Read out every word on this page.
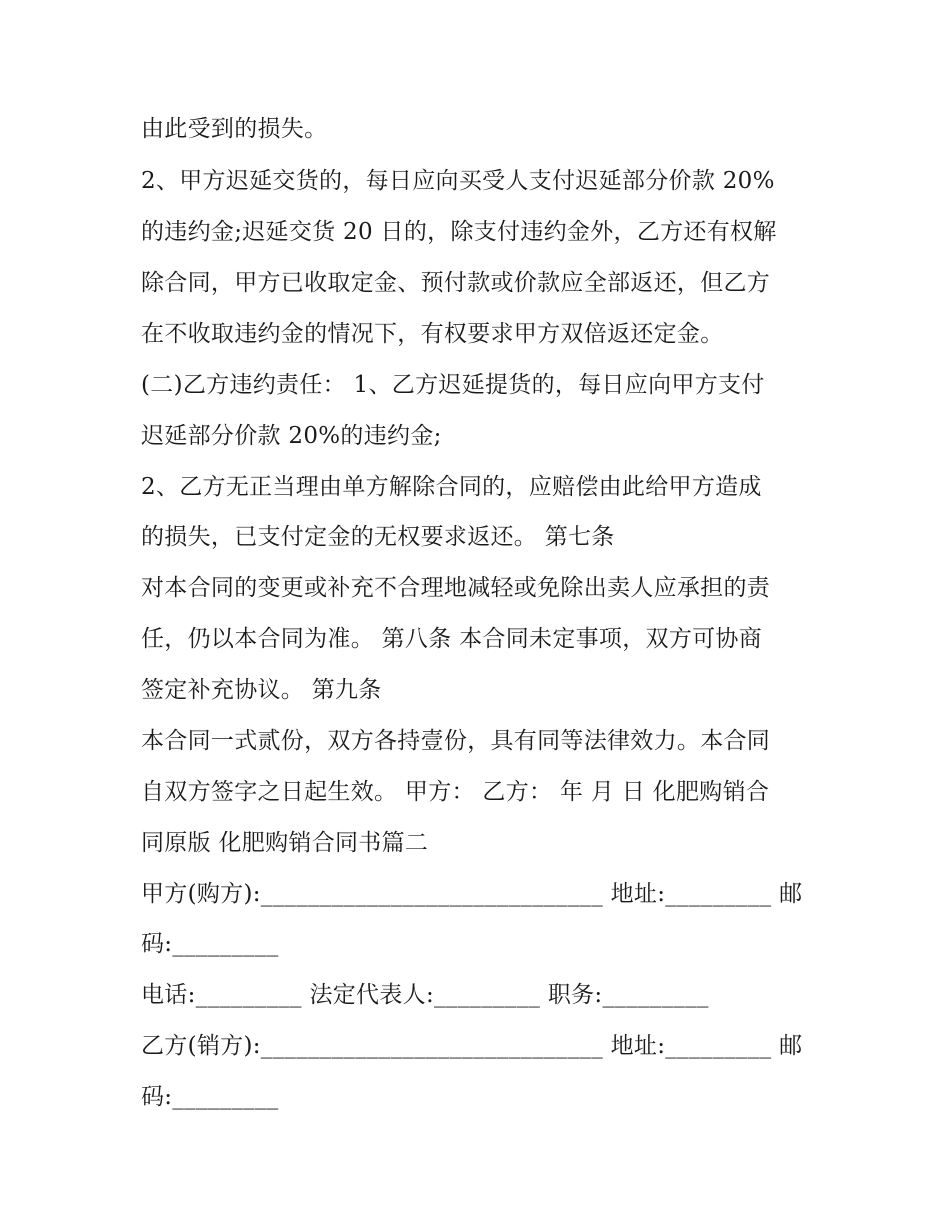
由此受到的损失。
2、甲方迟延交货的，每日应向买受人支付迟延部分价款 20%
的违约金;迟延交货 20 日的，除支付违约金外，乙方还有权解
除合同，甲方已收取定金、预付款或价款应全部返还，但乙方
在不收取违约金的情况下，有权要求甲方双倍返还定金。
(二)乙方违约责任： 1、乙方迟延提货的，每日应向甲方支付
迟延部分价款 20%的违约金;
2、乙方无正当理由单方解除合同的，应赔偿由此给甲方造成
的损失，已支付定金的无权要求返还。 第七条
对本合同的变更或补充不合理地减轻或免除出卖人应承担的责
任，仍以本合同为准。 第八条 本合同未定事项，双方可协商
签定补充协议。 第九条
本合同一式贰份，双方各持壹份，具有同等法律效力。本合同
自双方签字之日起生效。 甲方： 乙方： 年 月 日 化肥购销合
同原版 化肥购销合同书篇二
甲方(购方):_____________________________ 地址:_________ 邮
码:_________
电话:_________ 法定代表人:_________ 职务:_________
乙方(销方):_____________________________ 地址:_________ 邮
码:_________
